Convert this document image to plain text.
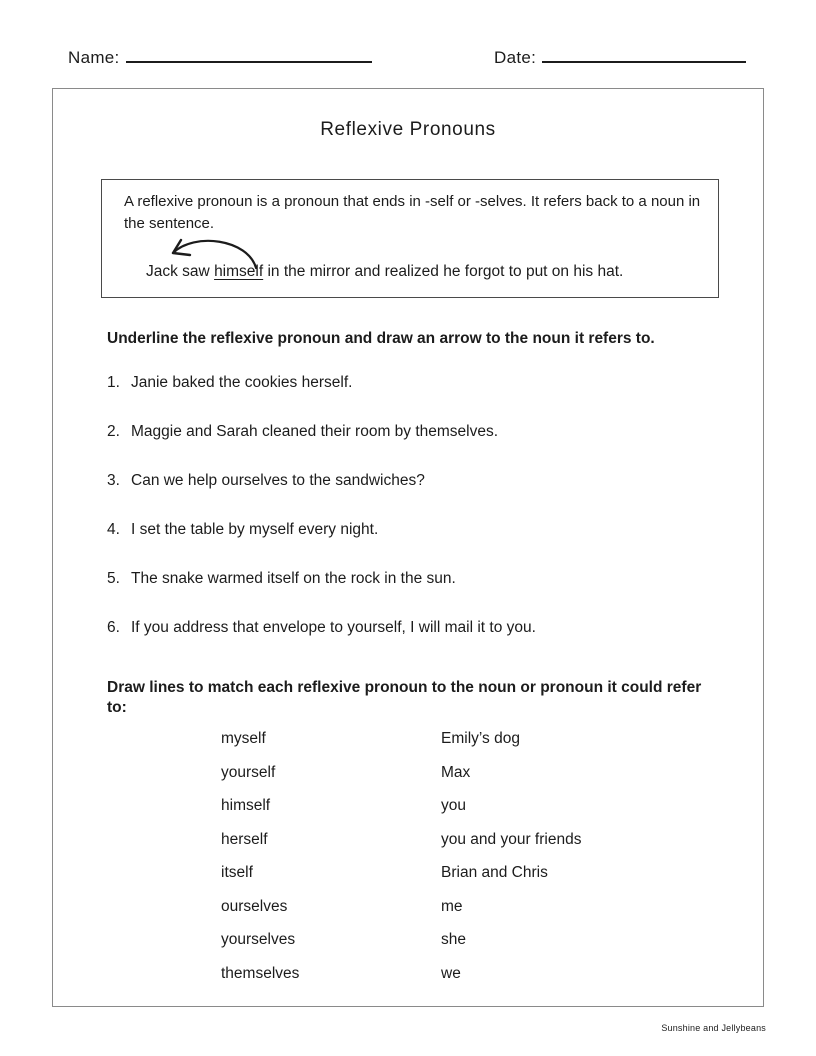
Name:	Date:
Reflexive Pronouns

A reflexive pronoun is a pronoun that ends in -self or -selves. It refers back to a noun in the sentence.

Jack saw himself in the mirror and realized he forgot to put on his hat.

Underline the reflexive pronoun and draw an arrow to the noun it refers to.

1. Janie baked the cookies herself.
2. Maggie and Sarah cleaned their room by themselves.
3. Can we help ourselves to the sandwiches?
4. I set the table by myself every night.
5. The snake warmed itself on the rock in the sun.
6. If you address that envelope to yourself, I will mail it to you.

Draw lines to match each reflexive pronoun to the noun or pronoun it could refer to:

myself	Emily’s dog
yourself	Max
himself	you
herself	you and your friends
itself	Brian and Chris
ourselves	me
yourselves	she
themselves	we
Sunshine and Jellybeans
